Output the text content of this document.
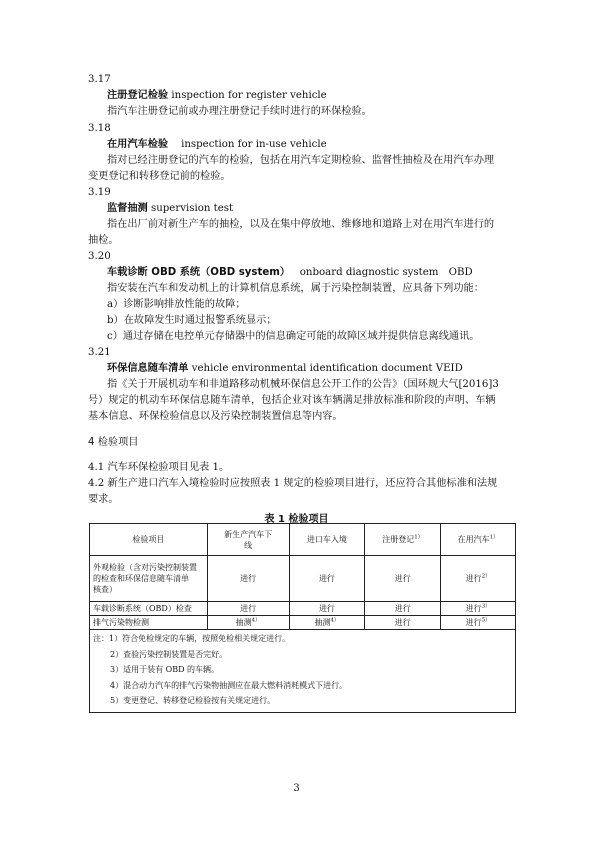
3.17
注册登记检验 inspection for register vehicle
指汽车注册登记前或办理注册登记手续时进行的环保检验。
3.18
在用汽车检验 inspection for in-use vehicle
指对已经注册登记的汽车的检验，包括在用汽车定期检验、监督性抽检及在用汽车办理
变更登记和转移登记前的检验。
3.19
监督抽测 supervision test
指在出厂前对新生产车的抽检，以及在集中停放地、维修地和道路上对在用汽车进行的
抽检。
3.20
车载诊断 OBD 系统（OBD system） onboard diagnostic system　OBD
指安装在汽车和发动机上的计算机信息系统，属于污染控制装置，应具备下列功能：
a）诊断影响排放性能的故障；
b）在故障发生时通过报警系统显示；
c）通过存储在电控单元存储器中的信息确定可能的故障区域并提供信息离线通讯。
3.21
环保信息随车清单 vehicle environmental identification document VEID
指《关于开展机动车和非道路移动机械环保信息公开工作的公告》（国环规大气[2016]3
号）规定的机动车环保信息随车清单，包括企业对该车辆满足排放标准和阶段的声明、车辆
基本信息、环保检验信息以及污染控制装置信息等内容。
4 检验项目
4.1 汽车环保检验项目见表 1。
4.2 新生产进口汽车入境检验时应按照表 1 规定的检验项目进行，还应符合其他标准和法规
要求。
表 1 检验项目
检验项目	新生产汽车下
线	进口车入境	注册登记$^{1)}$	在用汽车$^{1)}$
外观检验（含对污染控制装置
的检查和环保信息随车清单
核查）	进行	进行	进行	进行$^{2)}$
车载诊断系统（OBD）检查	进行	进行	进行	进行$^{3)}$
排气污染物检测	抽测$^{4)}$	抽测$^{4)}$	进行	进行$^{5)}$

注：1）符合免检规定的车辆，按照免检相关规定进行。
2）查验污染控制装置是否完好。
3）适用于装有 OBD 的车辆。
4）混合动力汽车的排气污染物抽测应在最大燃料消耗模式下进行。
5）变更登记、转移登记检验按有关规定进行。				
3
